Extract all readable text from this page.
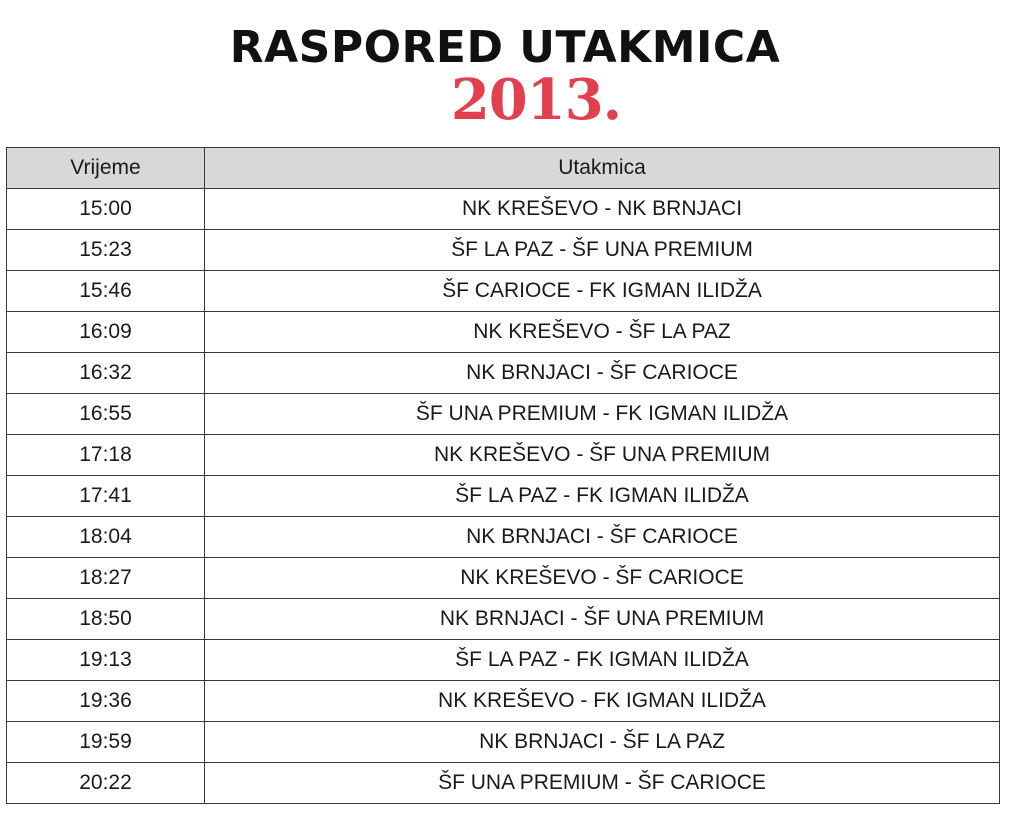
RASPORED UTAKMICA
2013.
Vrijeme	Utakmica
15:00	NK KREŠEVO - NK BRNJACI
15:23	ŠF LA PAZ - ŠF UNA PREMIUM
15:46	ŠF CARIOCE - FK IGMAN ILIDŽA
16:09	NK KREŠEVO - ŠF LA PAZ
16:32	NK BRNJACI - ŠF CARIOCE
16:55	ŠF UNA PREMIUM - FK IGMAN ILIDŽA
17:18	NK KREŠEVO - ŠF UNA PREMIUM
17:41	ŠF LA PAZ - FK IGMAN ILIDŽA
18:04	NK BRNJACI - ŠF CARIOCE
18:27	NK KREŠEVO - ŠF CARIOCE
18:50	NK BRNJACI - ŠF UNA PREMIUM
19:13	ŠF LA PAZ - FK IGMAN ILIDŽA
19:36	NK KREŠEVO - FK IGMAN ILIDŽA
19:59	NK BRNJACI - ŠF LA PAZ
20:22	ŠF UNA PREMIUM - ŠF CARIOCE
